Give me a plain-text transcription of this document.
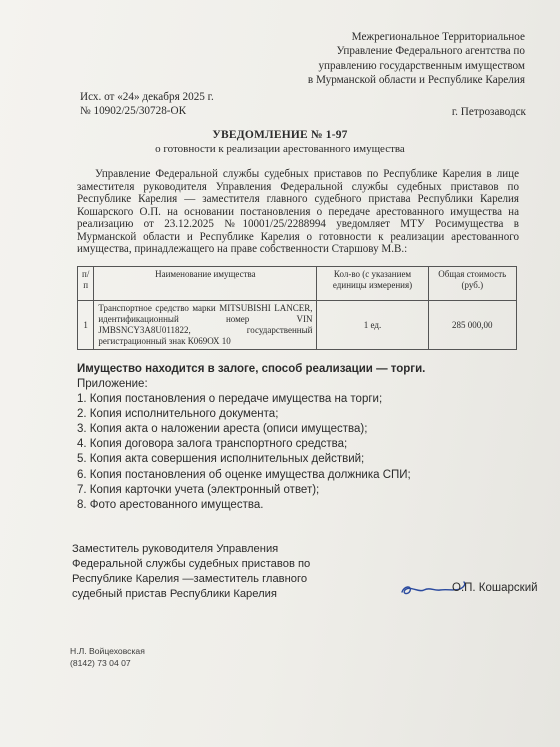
Межрегиональное Территориальное
Управление Федерального агентства по
управлению государственным имуществом
в Мурманской области и Республике Карелия
Исх. от «24» декабря 2025 г.
№ 10902/25/30728-ОК	г. Петрозаводск
УВЕДОМЛЕНИЕ № 1-97
о готовности к реализации арестованного имущества
Управление Федеральной службы судебных приставов по Республике Карелия в лице заместителя руководителя Управления Федеральной службы судебных приставов по Республике Карелия — заместителя главного судебного пристава Республики Карелия Кошарского О.П. на основании постановления о передаче арестованного имущества на реализацию от 23.12.2025 №10001/25/2288994 уведомляет МТУ Росимущества в Мурманской области и Республике Карелия о готовности к реализации арестованного имущества, принадлежащего на праве собственности Старшову М.В.:
п/п	Наименование имущества	Кол-во (с указанием единицы измерения)	Общая стоимость (руб.)
1	Транспортное средство марки MITSUBISHI LANCER, идентификационный номер VIN JMBSNCY3A8U011822, государственный регистрационный знак К069ОХ 10	1 ед.	285 000,00
Имущество находится в залоге, способ реализации — торги.
Приложение:
1. Копия постановления о передаче имущества на торги;
2. Копия исполнительного документа;
3. Копия акта о наложении ареста (описи имущества);
4. Копия договора залога транспортного средства;
5. Копия акта совершения исполнительных действий;
6. Копия постановления об оценке имущества должника СПИ;
7. Копия карточки учета (электронный ответ);
8. Фото арестованного имущества.
Заместитель руководителя Управления
Федеральной службы судебных приставов по
Республике Карелия —заместитель главного
судебный пристав Республики Карелия	О.П. Кошарский
Н.Л. Войцеховская
(8142) 73 04 07
